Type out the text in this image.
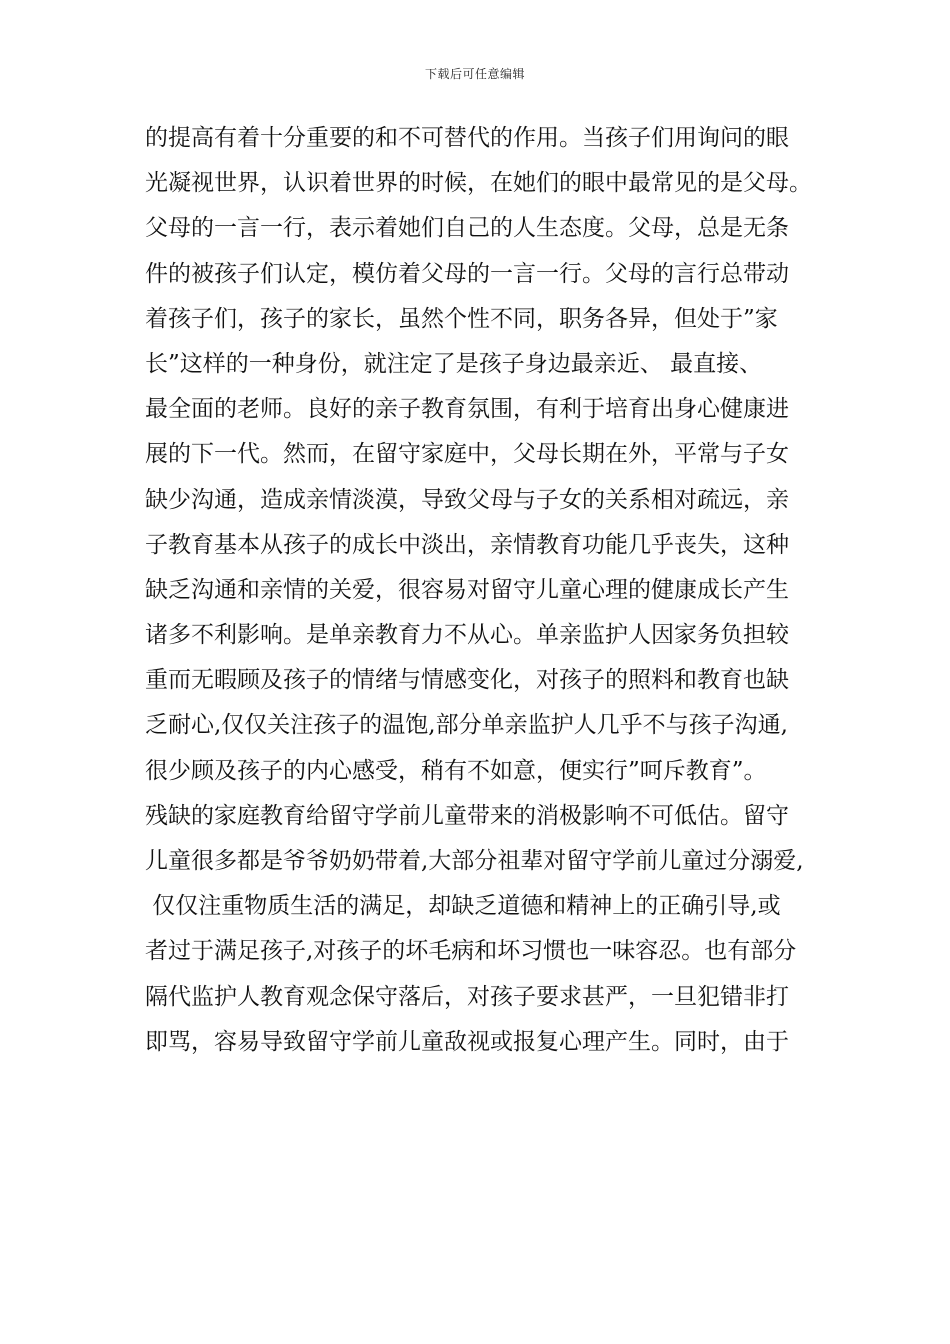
下载后可任意编辑
的提高有着十分重要的和不可替代的作用。当孩子们用询问的眼
光凝视世界，认识着世界的时候，在她们的眼中最常见的是父母。
父母的一言一行，表示着她们自己的人生态度。父母，总是无条
件的被孩子们认定，模仿着父母的一言一行。父母的言行总带动
着孩子们，孩子的家长，虽然个性不同，职务各异，但处于”家
长”这样的一种身份，就注定了是孩子身边最亲近、 最直接、
最全面的老师。良好的亲子教育氛围，有利于培育出身心健康进
展的下一代。然而，在留守家庭中，父母长期在外，平常与子女
缺少沟通，造成亲情淡漠，导致父母与子女的关系相对疏远，亲
子教育基本从孩子的成长中淡出，亲情教育功能几乎丧失，这种
缺乏沟通和亲情的关爱，很容易对留守儿童心理的健康成长产生
诸多不利影响。是单亲教育力不从心。单亲监护人因家务负担较
重而无暇顾及孩子的情绪与情感变化，对孩子的照料和教育也缺
乏耐心,仅仅关注孩子的温饱,部分单亲监护人几乎不与孩子沟通,
很少顾及孩子的内心感受，稍有不如意，便实行”呵斥教育”。
残缺的家庭教育给留守学前儿童带来的消极影响不可低估。留守
儿童很多都是爷爷奶奶带着,大部分祖辈对留守学前儿童过分溺爱,
仅仅注重物质生活的满足，却缺乏道德和精神上的正确引导,或
者过于满足孩子,对孩子的坏毛病和坏习惯也一味容忍。也有部分
隔代监护人教育观念保守落后，对孩子要求甚严，一旦犯错非打
即骂，容易导致留守学前儿童敌视或报复心理产生。同时，由于
